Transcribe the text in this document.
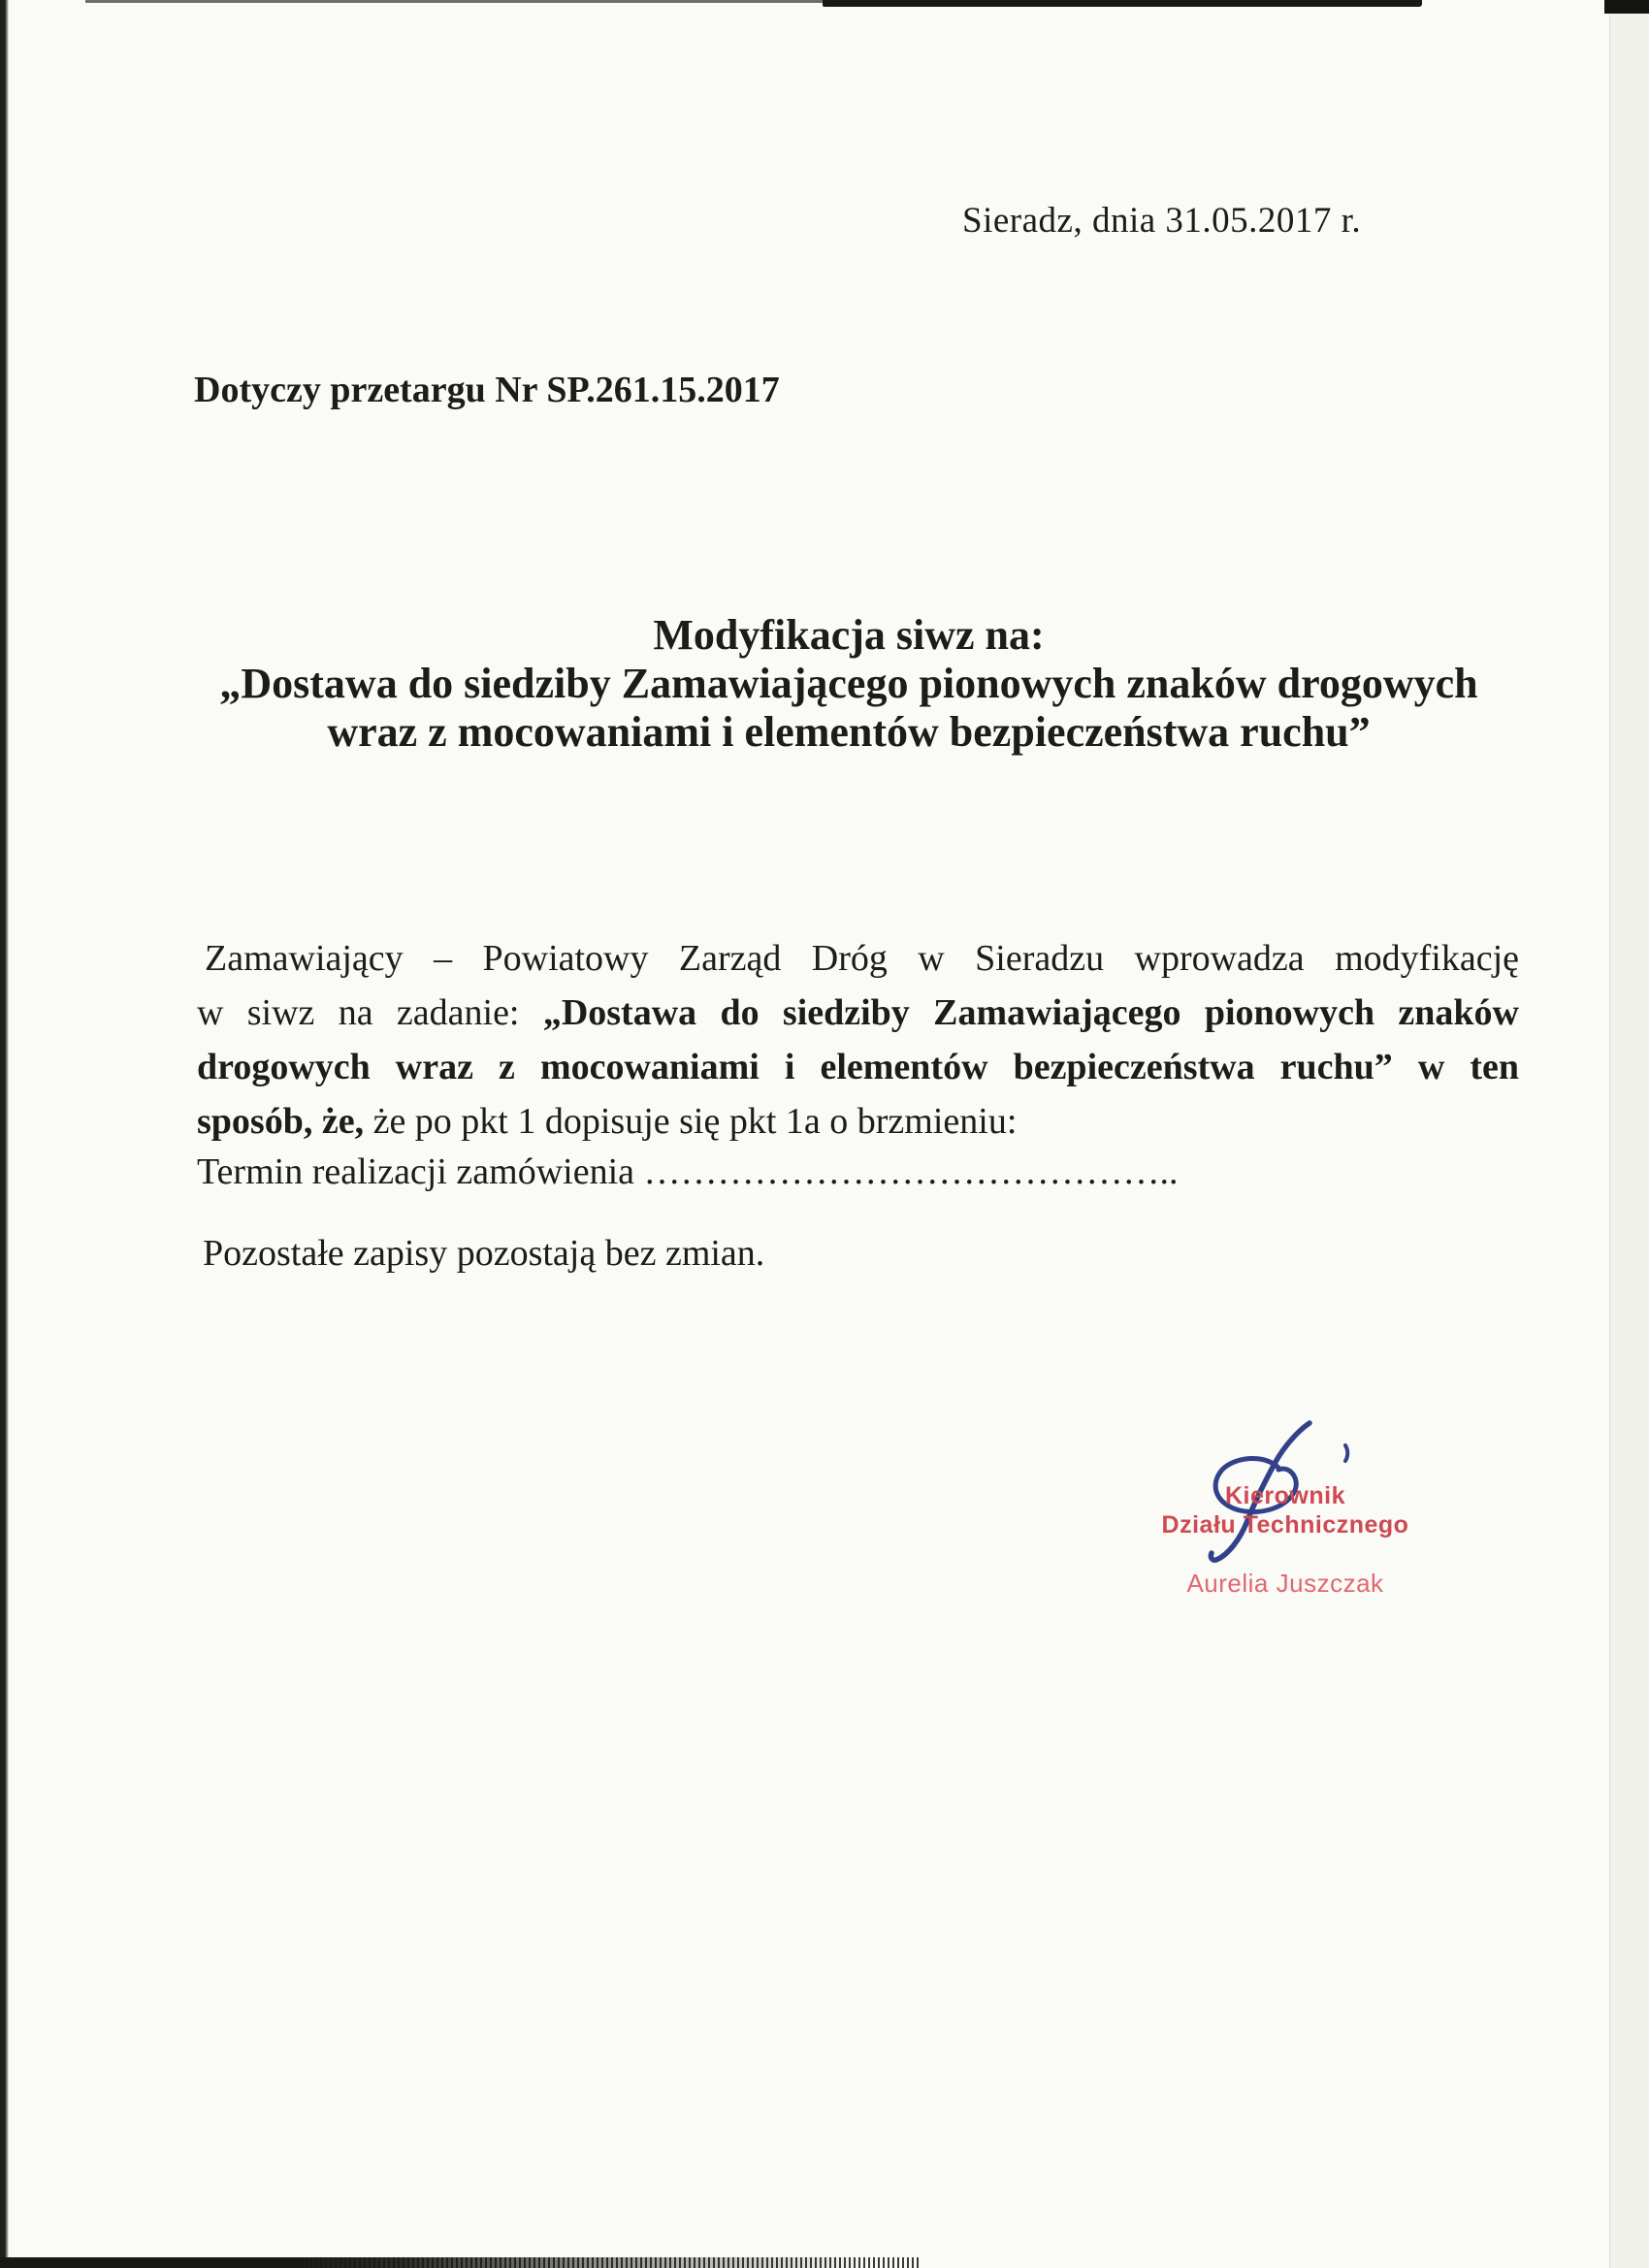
Sieradz, dnia 31.05.2017 r.
Dotyczy przetargu Nr SP.261.15.2017
Modyfikacja siwz na:
„Dostawa do siedziby Zamawiającego pionowych znaków drogowych
wraz z mocowaniami i elementów bezpieczeństwa ruchu”
Zamawiający – Powiatowy Zarząd Dróg w Sieradzu wprowadza modyfikację
w siwz na zadanie: „Dostawa do siedziby Zamawiającego pionowych znaków
drogowych wraz z mocowaniami i elementów bezpieczeństwa ruchu” w ten
sposób, że, że po pkt 1 dopisuje się pkt 1a o brzmieniu:
Termin realizacji zamówienia ……………………………………..
Pozostałe zapisy pozostają bez zmian.
Kierownik
Działu Technicznego
Aurelia Juszczak
